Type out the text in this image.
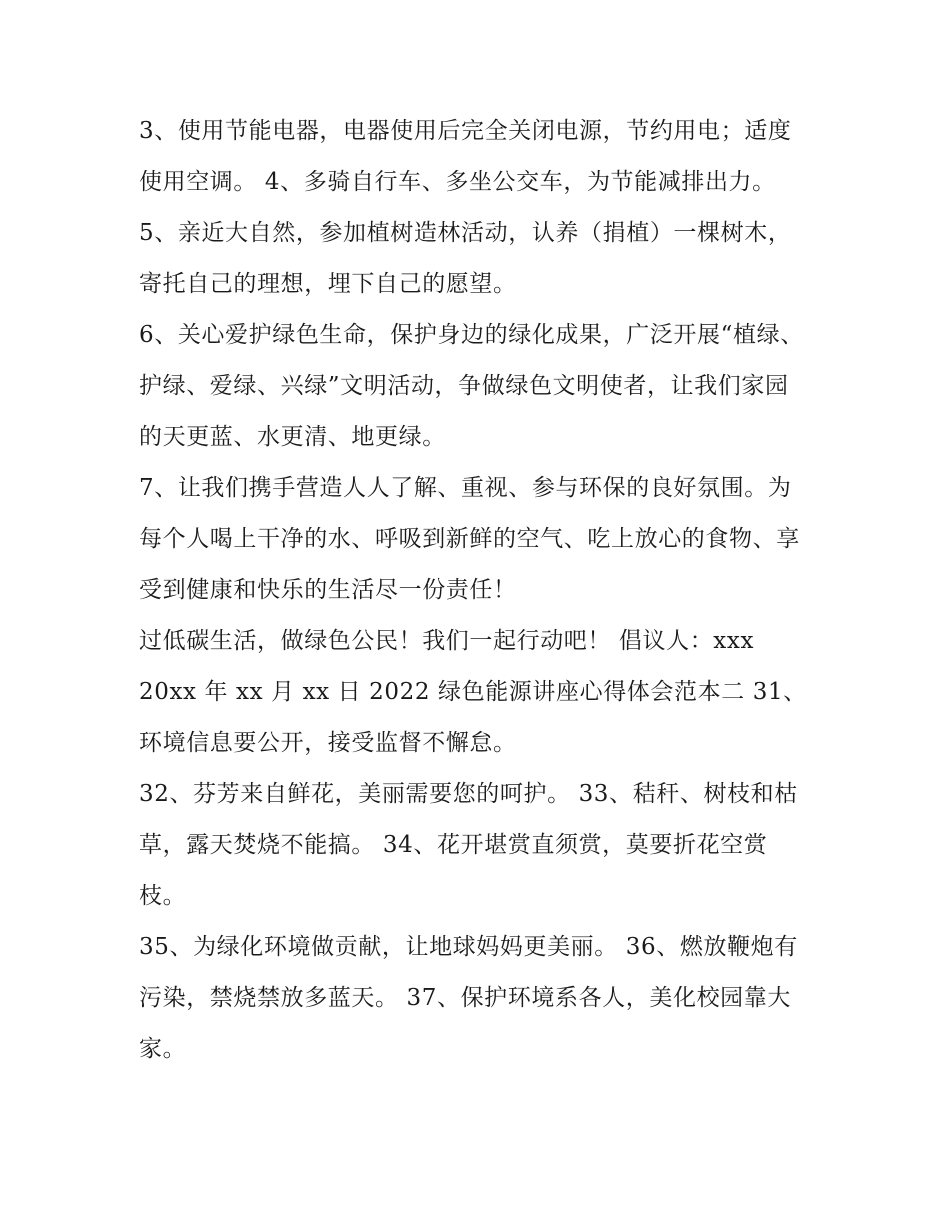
3、使用节能电器，电器使用后完全关闭电源，节约用电；适度使用空调。 4、多骑自行车、多坐公交车，为节能减排出力。

5、亲近大自然，参加植树造林活动，认养（捐植）一棵树木，寄托自己的理想，埋下自己的愿望。

6、关心爱护绿色生命，保护身边的绿化成果，广泛开展“植绿、护绿、爱绿、兴绿”文明活动，争做绿色文明使者，让我们家园的天更蓝、水更清、地更绿。

7、让我们携手营造人人了解、重视、参与环保的良好氛围。为每个人喝上干净的水、呼吸到新鲜的空气、吃上放心的食物、享受到健康和快乐的生活尽一份责任！

过低碳生活，做绿色公民！我们一起行动吧！ 倡议人：xxx 20xx 年 xx 月 xx 日 2022 绿色能源讲座心得体会范本二 31、环境信息要公开，接受监督不懈怠。

32、芬芳来自鲜花，美丽需要您的呵护。 33、秸秆、树枝和枯草，露天焚烧不能搞。 34、花开堪赏直须赏，莫要折花空赏枝。

35、为绿化环境做贡献，让地球妈妈更美丽。 36、燃放鞭炮有污染，禁烧禁放多蓝天。 37、保护环境系各人，美化校园靠大家。
